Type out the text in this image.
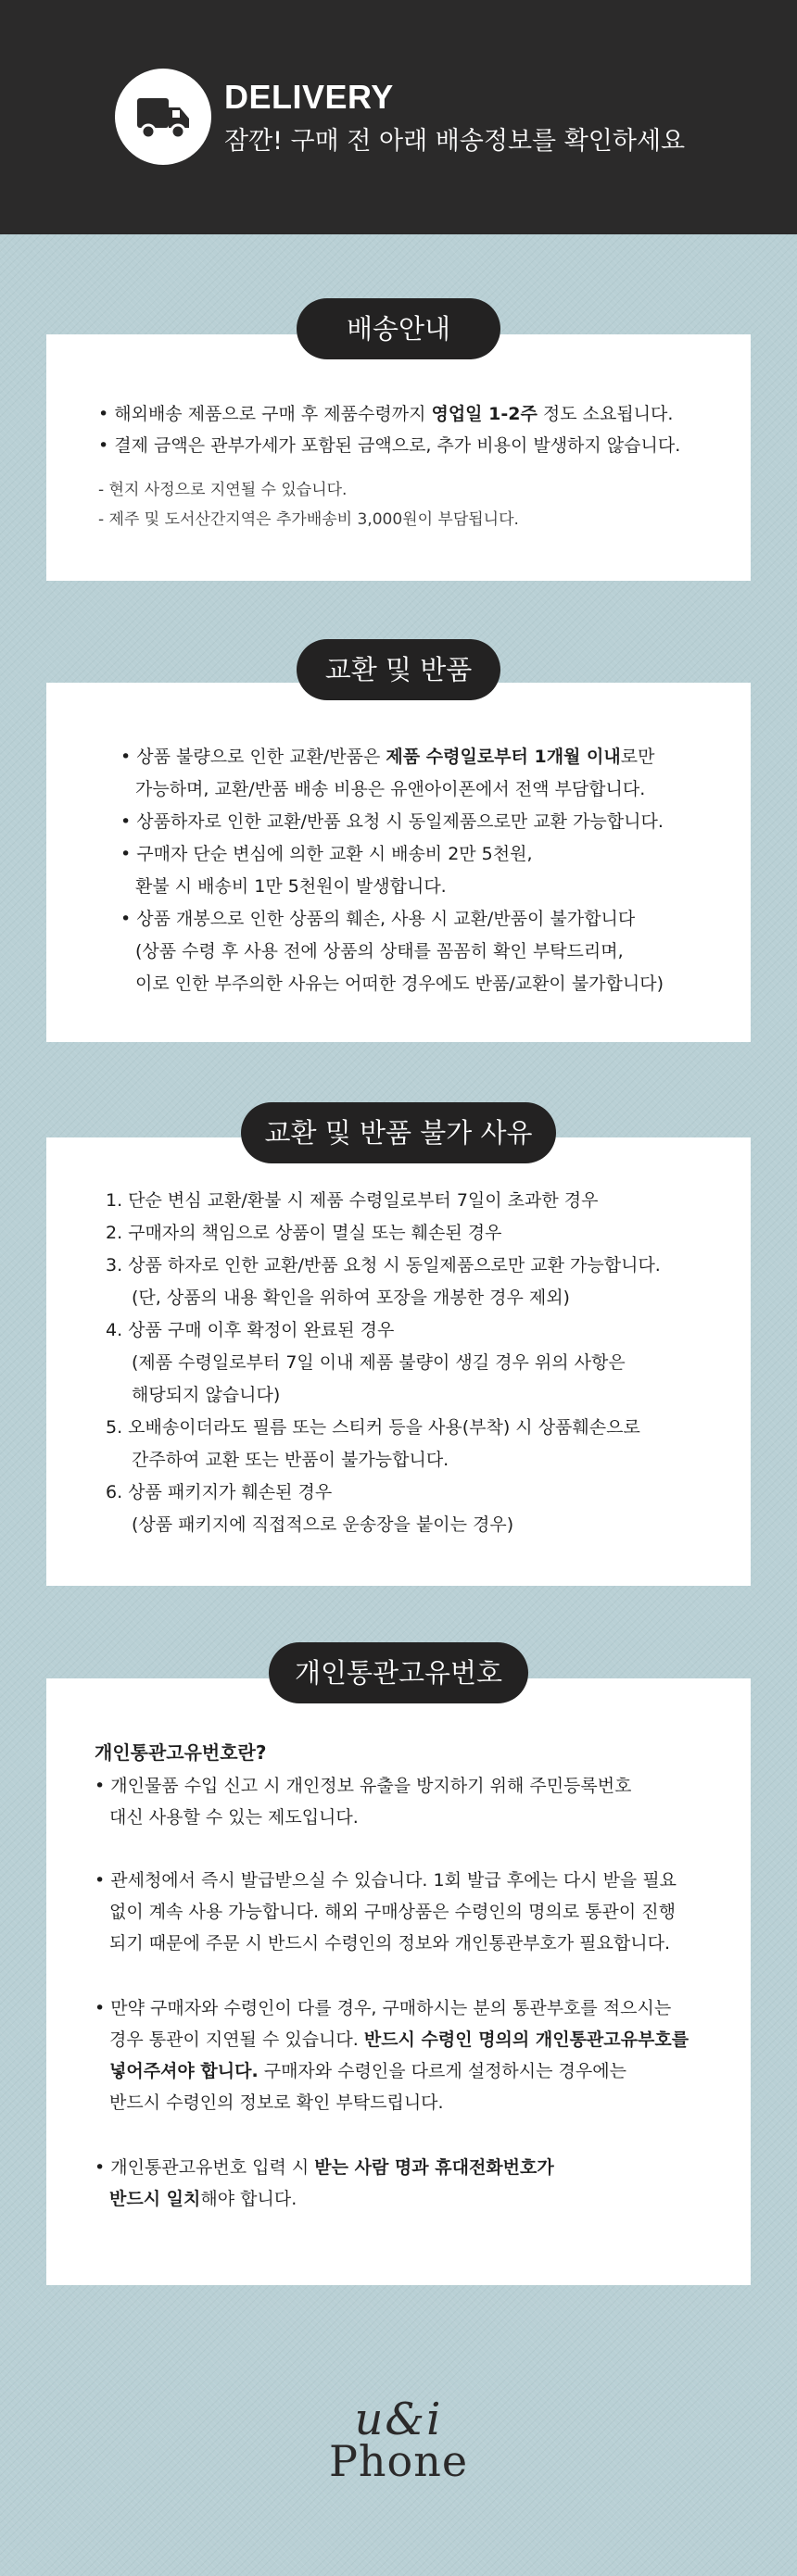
DELIVERY
잠깐! 구매 전 아래 배송정보를 확인하세요
• 해외배송 제품으로 구매 후 제품수령까지 영업일 1-2주 정도 소요됩니다.
• 결제 금액은 관부가세가 포함된 금액으로, 추가 비용이 발생하지 않습니다.
- 현지 사정으로 지연될 수 있습니다.
- 제주 및 도서산간지역은 추가배송비 3,000원이 부담됩니다.
배송안내
• 상품 불량으로 인한 교환/반품은 제품 수령일로부터 1개월 이내로만
가능하며, 교환/반품 배송 비용은 유앤아이폰에서 전액 부담합니다.
• 상품하자로 인한 교환/반품 요청 시 동일제품으로만 교환 가능합니다.
• 구매자 단순 변심에 의한 교환 시 배송비 2만 5천원,
환불 시 배송비 1만 5천원이 발생합니다.
• 상품 개봉으로 인한 상품의 훼손, 사용 시 교환/반품이 불가합니다
(상품 수령 후 사용 전에 상품의 상태를 꼼꼼히 확인 부탁드리며,
이로 인한 부주의한 사유는 어떠한 경우에도 반품/교환이 불가합니다)
교환 및 반품
1. 단순 변심 교환/환불 시 제품 수령일로부터 7일이 초과한 경우
2. 구매자의 책임으로 상품이 멸실 또는 훼손된 경우
3. 상품 하자로 인한 교환/반품 요청 시 동일제품으로만 교환 가능합니다.
(단, 상품의 내용 확인을 위하여 포장을 개봉한 경우 제외)
4. 상품 구매 이후 확정이 완료된 경우
(제품 수령일로부터 7일 이내 제품 불량이 생길 경우 위의 사항은
해당되지 않습니다)
5. 오배송이더라도 필름 또는 스티커 등을 사용(부착) 시 상품훼손으로
간주하여 교환 또는 반품이 불가능합니다.
6. 상품 패키지가 훼손된 경우
(상품 패키지에 직접적으로 운송장을 붙이는 경우)
교환 및 반품 불가 사유
개인통관고유번호란?
• 개인물품 수입 신고 시 개인정보 유출을 방지하기 위해 주민등록번호
대신 사용할 수 있는 제도입니다.
• 관세청에서 즉시 발급받으실 수 있습니다. 1회 발급 후에는 다시 받을 필요
없이 계속 사용 가능합니다. 해외 구매상품은 수령인의 명의로 통관이 진행
되기 때문에 주문 시 반드시 수령인의 정보와 개인통관부호가 필요합니다.
• 만약 구매자와 수령인이 다를 경우, 구매하시는 분의 통관부호를 적으시는
경우 통관이 지연될 수 있습니다. 반드시 수령인 명의의 개인통관고유부호를
넣어주셔야 합니다. 구매자와 수령인을 다르게 설정하시는 경우에는
반드시 수령인의 정보로 확인 부탁드립니다.
• 개인통관고유번호 입력 시 받는 사람 명과 휴대전화번호가
반드시 일치해야 합니다.
개인통관고유번호
u&i
Phone
